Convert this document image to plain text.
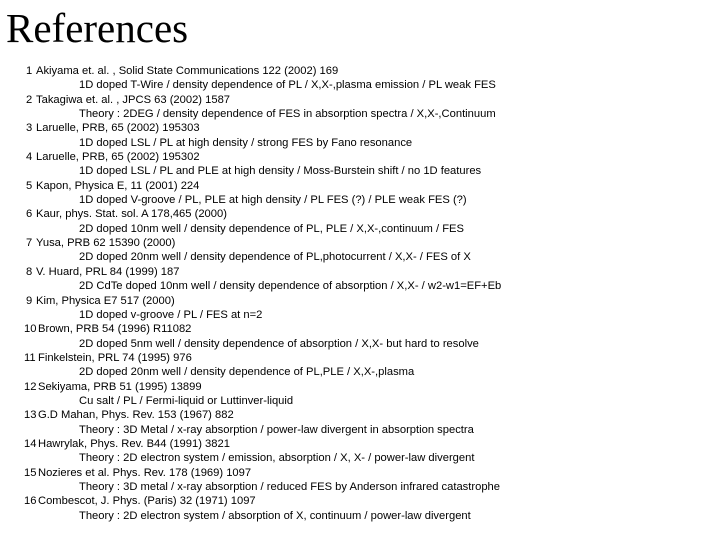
References
1 Akiyama et. al. , Solid State Communications 122 (2002) 169
1D doped T-Wire / density dependence of PL / X,X-,plasma emission / PL weak FES
2 Takagiwa et. al. , JPCS 63 (2002) 1587
Theory : 2DEG / density dependence of FES in absorption spectra / X,X-,Continuum
3 Laruelle, PRB, 65 (2002) 195303
1D doped LSL / PL at high density / strong FES by Fano resonance
4 Laruelle, PRB, 65 (2002) 195302
1D doped LSL / PL and PLE at high density / Moss-Burstein shift / no 1D features
5 Kapon, Physica E, 11 (2001) 224
1D doped V-groove / PL, PLE at high density / PL FES (?) / PLE weak FES (?)
6 Kaur, phys. Stat. sol. A 178,465 (2000)
2D doped 10nm well / density dependence of PL, PLE / X,X-,continuum / FES
7 Yusa, PRB 62 15390 (2000)
2D doped 20nm well / density dependence of PL,photocurrent / X,X- / FES of X
8 V. Huard, PRL 84 (1999) 187
2D CdTe doped 10nm well / density dependence of absorption / X,X- / w2-w1=EF+Eb
9 Kim, Physica E7 517 (2000)
1D doped v-groove / PL / FES at n=2
10 Brown, PRB 54 (1996) R11082
2D doped 5nm well / density dependence of absorption / X,X- but hard to resolve
11 Finkelstein, PRL 74 (1995) 976
2D doped 20nm well / density dependence of PL,PLE / X,X-,plasma
12 Sekiyama, PRB 51 (1995) 13899
Cu salt / PL / Fermi-liquid or Luttinver-liquid
13 G.D Mahan, Phys. Rev. 153 (1967) 882
Theory : 3D Metal / x-ray absorption / power-law divergent in absorption spectra
14 Hawrylak, Phys. Rev. B44 (1991) 3821
Theory : 2D electron system / emission, absorption / X, X- / power-law divergent
15 Nozieres et al. Phys. Rev. 178 (1969) 1097
Theory : 3D metal / x-ray absorption / reduced FES by Anderson infrared catastrophe
16 Combescot, J. Phys. (Paris) 32 (1971) 1097
Theory : 2D electron system / absorption of X, continuum / power-law divergent
